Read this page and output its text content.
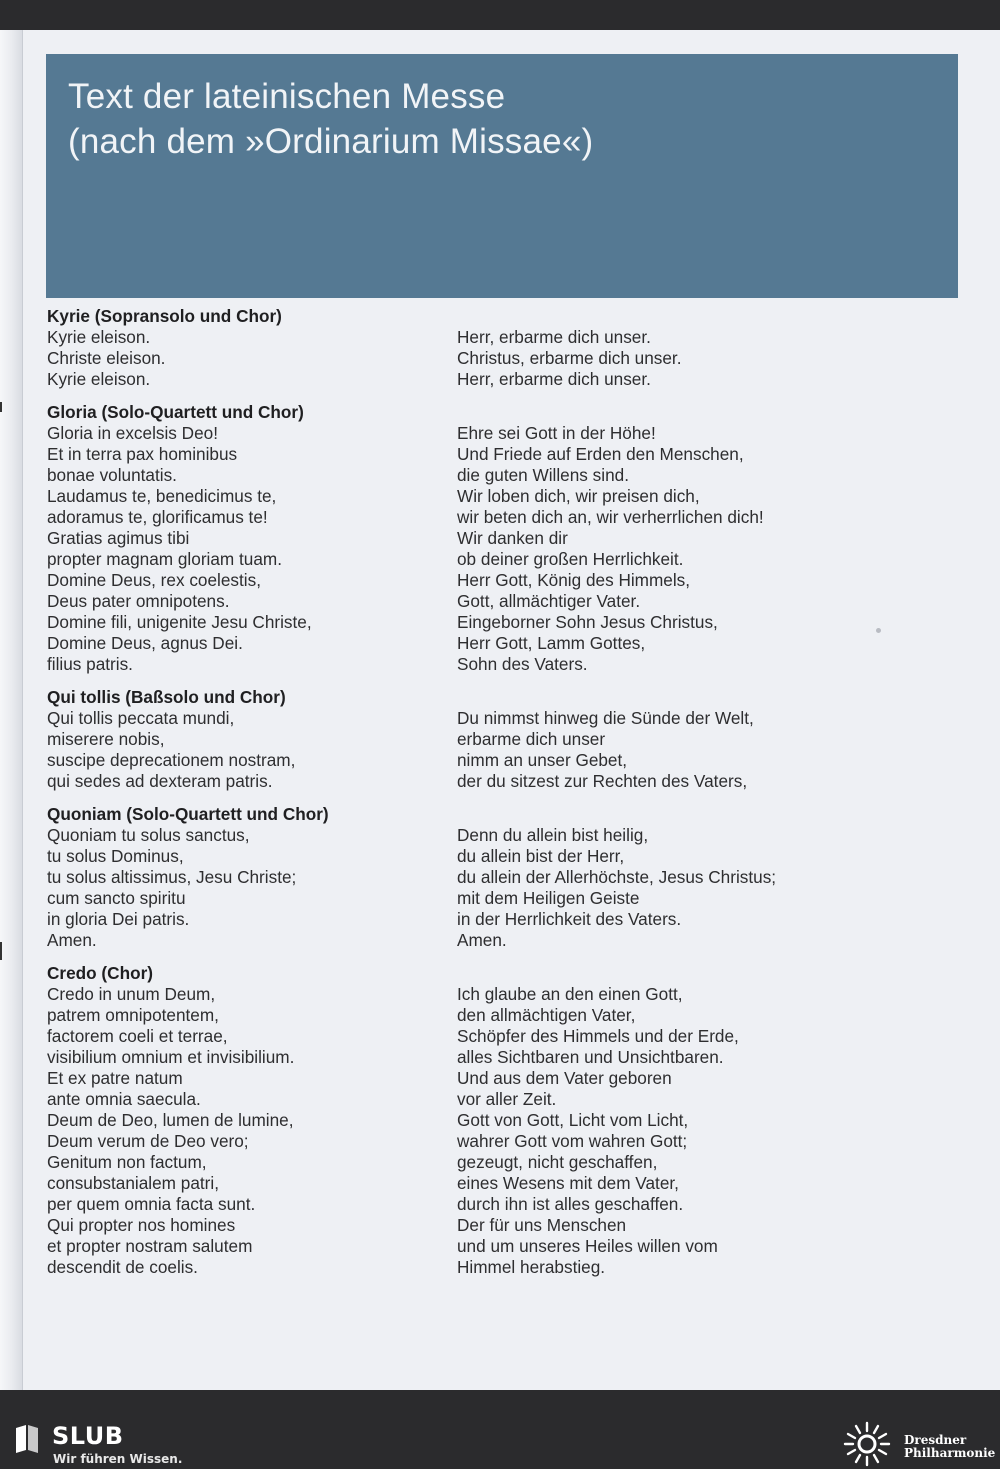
Text der lateinischen Messe
(nach dem »Ordinarium Missae«)
Kyrie (Sopransolo und Chor)
Kyrie eleison.
Christe eleison.
Kyrie eleison.
Gloria (Solo-Quartett und Chor)
Gloria in excelsis Deo!
Et in terra pax hominibus
bonae voluntatis.
Laudamus te, benedicimus te,
adoramus te, glorificamus te!
Gratias agimus tibi
propter magnam gloriam tuam.
Domine Deus, rex coelestis,
Deus pater omnipotens.
Domine fili, unigenite Jesu Christe,
Domine Deus, agnus Dei.
filius patris.
Qui tollis (Baßsolo und Chor)
Qui tollis peccata mundi,
miserere nobis,
suscipe deprecationem nostram,
qui sedes ad dexteram patris.
Quoniam (Solo-Quartett und Chor)
Quoniam tu solus sanctus,
tu solus Dominus,
tu solus altissimus, Jesu Christe;
cum sancto spiritu
in gloria Dei patris.
Amen.
Credo (Chor)
Credo in unum Deum,
patrem omnipotentem,
factorem coeli et terrae,
visibilium omnium et invisibilium.
Et ex patre natum
ante omnia saecula.
Deum de Deo, lumen de lumine,
Deum verum de Deo vero;
Genitum non factum,
consubstanialem patri,
per quem omnia facta sunt.
Qui propter nos homines
et propter nostram salutem
descendit de coelis.
Herr, erbarme dich unser.
Christus, erbarme dich unser.
Herr, erbarme dich unser.
Ehre sei Gott in der Höhe!
Und Friede auf Erden den Menschen,
die guten Willens sind.
Wir loben dich, wir preisen dich,
wir beten dich an, wir verherrlichen dich!
Wir danken dir
ob deiner großen Herrlichkeit.
Herr Gott, König des Himmels,
Gott, allmächtiger Vater.
Eingeborner Sohn Jesus Christus,
Herr Gott, Lamm Gottes,
Sohn des Vaters.
Du nimmst hinweg die Sünde der Welt,
erbarme dich unser
nimm an unser Gebet,
der du sitzest zur Rechten des Vaters,
Denn du allein bist heilig,
du allein bist der Herr,
du allein der Allerhöchste, Jesus Christus;
mit dem Heiligen Geiste
in der Herrlichkeit des Vaters.
Amen.
Ich glaube an den einen Gott,
den allmächtigen Vater,
Schöpfer des Himmels und der Erde,
alles Sichtbaren und Unsichtbaren.
Und aus dem Vater geboren
vor aller Zeit.
Gott von Gott, Licht vom Licht,
wahrer Gott vom wahren Gott;
gezeugt, nicht geschaffen,
eines Wesens mit dem Vater,
durch ihn ist alles geschaffen.
Der für uns Menschen
und um unseres Heiles willen vom
Himmel herabstieg.
SLUB
Wir führen Wissen.
Dresdner
Philharmonie
